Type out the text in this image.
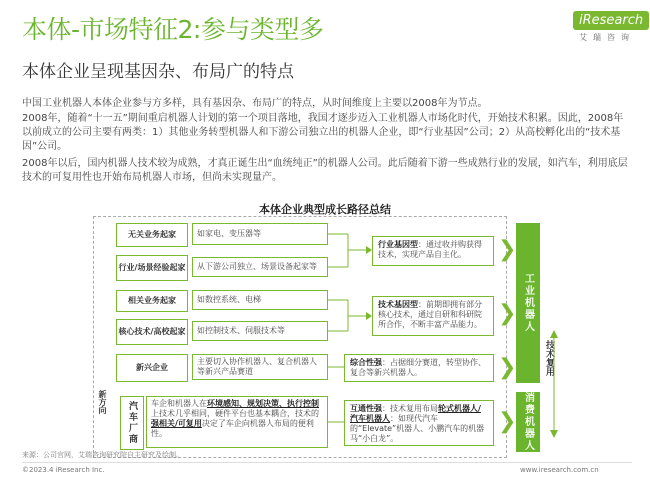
本体-市场特征2:参与类型多
本体企业呈现基因杂、布局广的特点
iResearch
艾瑞咨询
中国工业机器人本体企业参与方多样，具有基因杂、布局广的特点，从时间维度上主要以2008年为节点。
2008年，随着“十一五”期间重启机器人计划的第一个项目落地，我国才逐步迈入工业机器人市场化时代，开始技术积累。因此，2008年以前成立的公司主要有两类：1）其他业务转型机器人和下游公司独立出的机器人企业，即“行业基因”公司；2）从高校孵化出的“技术基因”公司。
2008年以后，国内机器人技术较为成熟，才真正诞生出“血统纯正”的机器人公司。此后随着下游一些成熟行业的发展，如汽车，利用底层技术的可复用性也开始布局机器人市场，但尚未实现量产。
本体企业典型成长路径总结
新方向
无关业务起家	如家电、变压器等
行业/场景经验起家	从下游公司独立、场景设备起家等
相关业务起家	如数控系统、电梯
核心技术/高校起家	如控制技术、伺服技术等
新兴企业
主要切入协作机器人、复合机器人等新兴产品赛道
汽车厂商	车企和机器人在环境感知、规划决策、执行控制上技术几乎相同，硬件平台也基本耦合，技术的强相关/可复用决定了车企向机器人布局的便利性。
行业基因型：通过收并购获得技术，实现产品自主化。
技术基因型：前期即拥有部分核心技术，通过自研和科研院所合作，不断丰富产品能力。
综合性强：占据细分赛道，转型协作、复合等新兴机器人。
互通性强：技术复用布局轮式机器人/汽车机器人：如现代汽车的“Elevate”机器人、小鹏汽车的机器马“小白龙”。
❯
❯
❯
❯
工业机器人
消费机器人
技术复用
来源：公司官网，艾瑞咨询研究院自主研究及绘制。
©2023.4 iResearch Inc.	www.iresearch.com.cn
